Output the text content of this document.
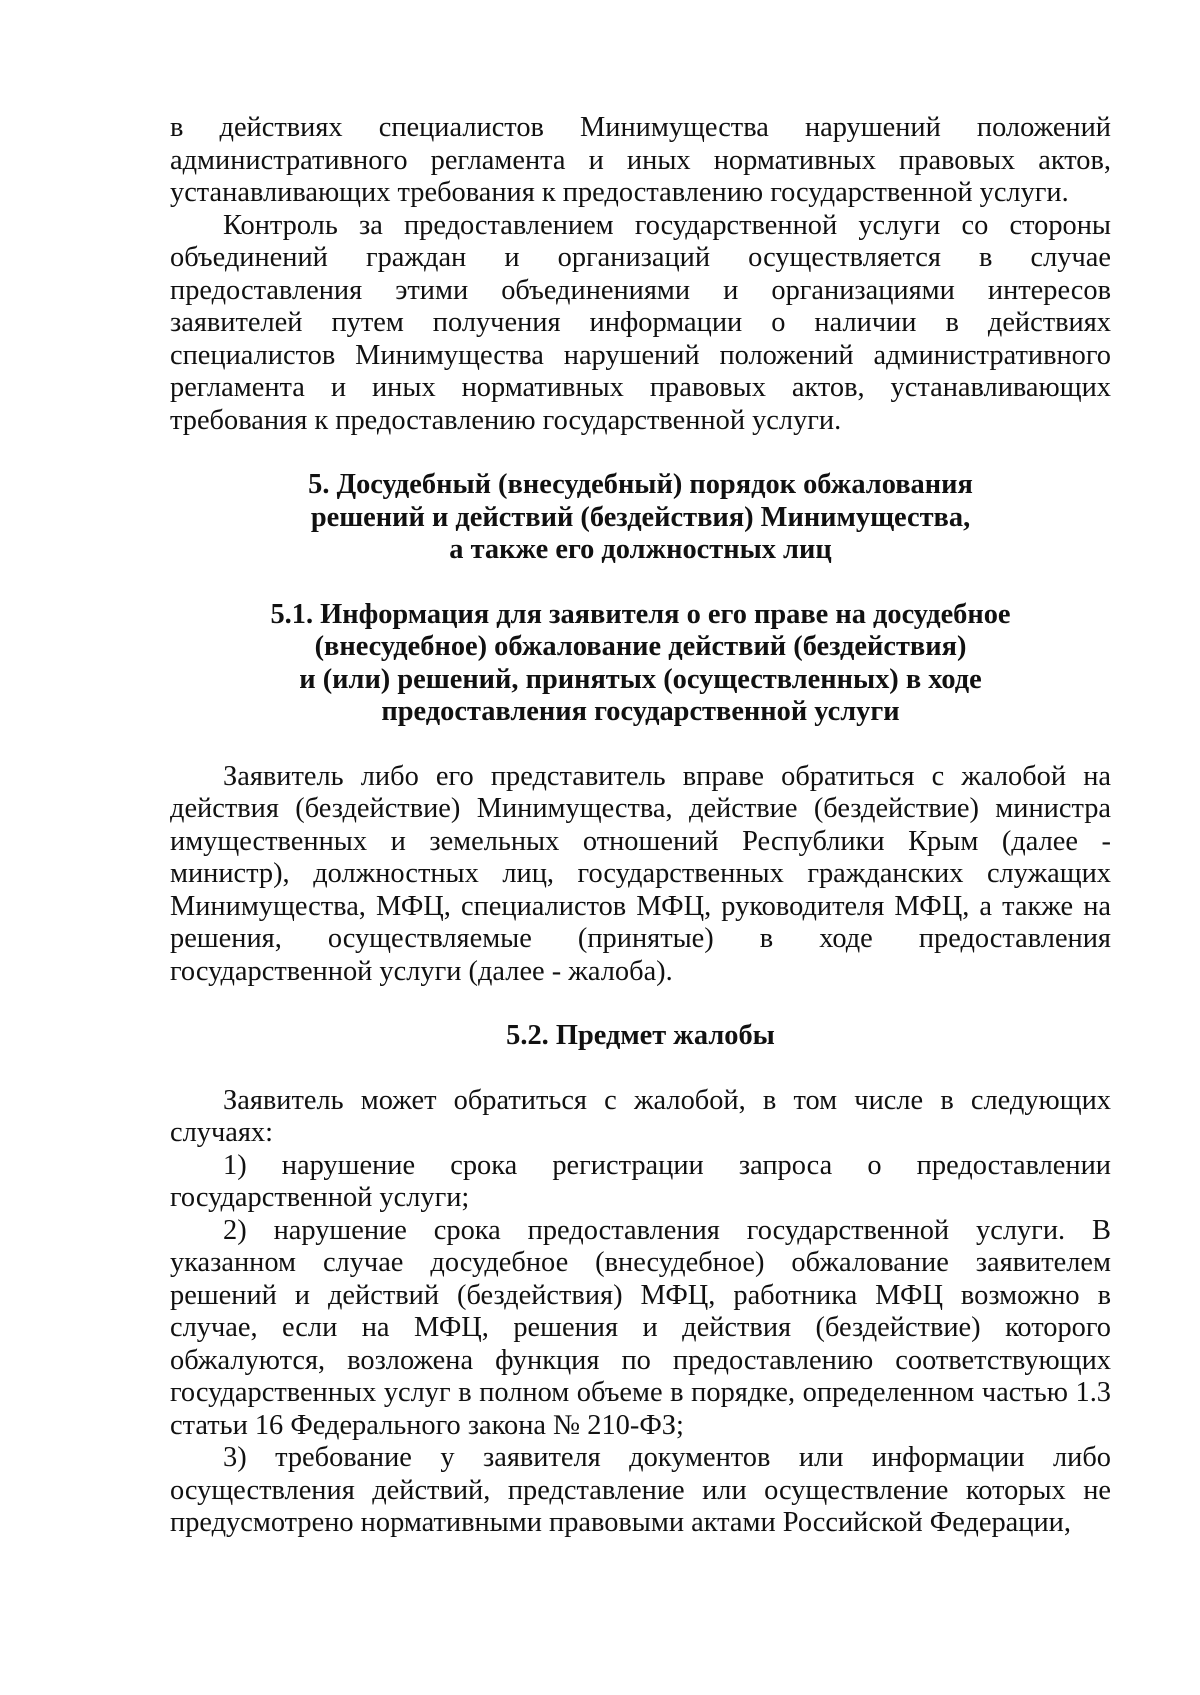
в действиях специалистов Минимущества нарушений положений административного регламента и иных нормативных правовых актов, устанавливающих требования к предоставлению государственной услуги.

Контроль за предоставлением государственной услуги со стороны объединений граждан и организаций осуществляется в случае предоставления этими объединениями и организациями интересов заявителей путем получения информации о наличии в действиях специалистов Минимущества нарушений положений административного регламента и иных нормативных правовых актов, устанавливающих требования к предоставлению государственной услуги.

5. Досудебный (внесудебный) порядок обжалования
решений и действий (бездействия) Минимущества,
а также его должностных лиц
5.1. Информация для заявителя о его праве на досудебное
(внесудебное) обжалование действий (бездействия)
и (или) решений, принятых (осуществленных) в ходе
предоставления государственной услуги

Заявитель либо его представитель вправе обратиться с жалобой на действия (бездействие) Минимущества, действие (бездействие) министра имущественных и земельных отношений Республики Крым (далее - министр), должностных лиц, государственных гражданских служащих Минимущества, МФЦ, специалистов МФЦ, руководителя МФЦ, а также на решения, осуществляемые (принятые) в ходе предоставления государственной услуги (далее - жалоба).

5.2. Предмет жалобы

Заявитель может обратиться с жалобой, в том числе в следующих случаях:

1) нарушение срока регистрации запроса о предоставлении государственной услуги;

2) нарушение срока предоставления государственной услуги. В указанном случае досудебное (внесудебное) обжалование заявителем решений и действий (бездействия) МФЦ, работника МФЦ возможно в случае, если на МФЦ, решения и действия (бездействие) которого обжалуются, возложена функция по предоставлению соответствующих государственных услуг в полном объеме в порядке, определенном частью 1.3 статьи 16 Федерального закона № 210-ФЗ;

3) требование у заявителя документов или информации либо осуществления действий, представление или осуществление которых не предусмотрено нормативными правовыми актами Российской Федерации,
